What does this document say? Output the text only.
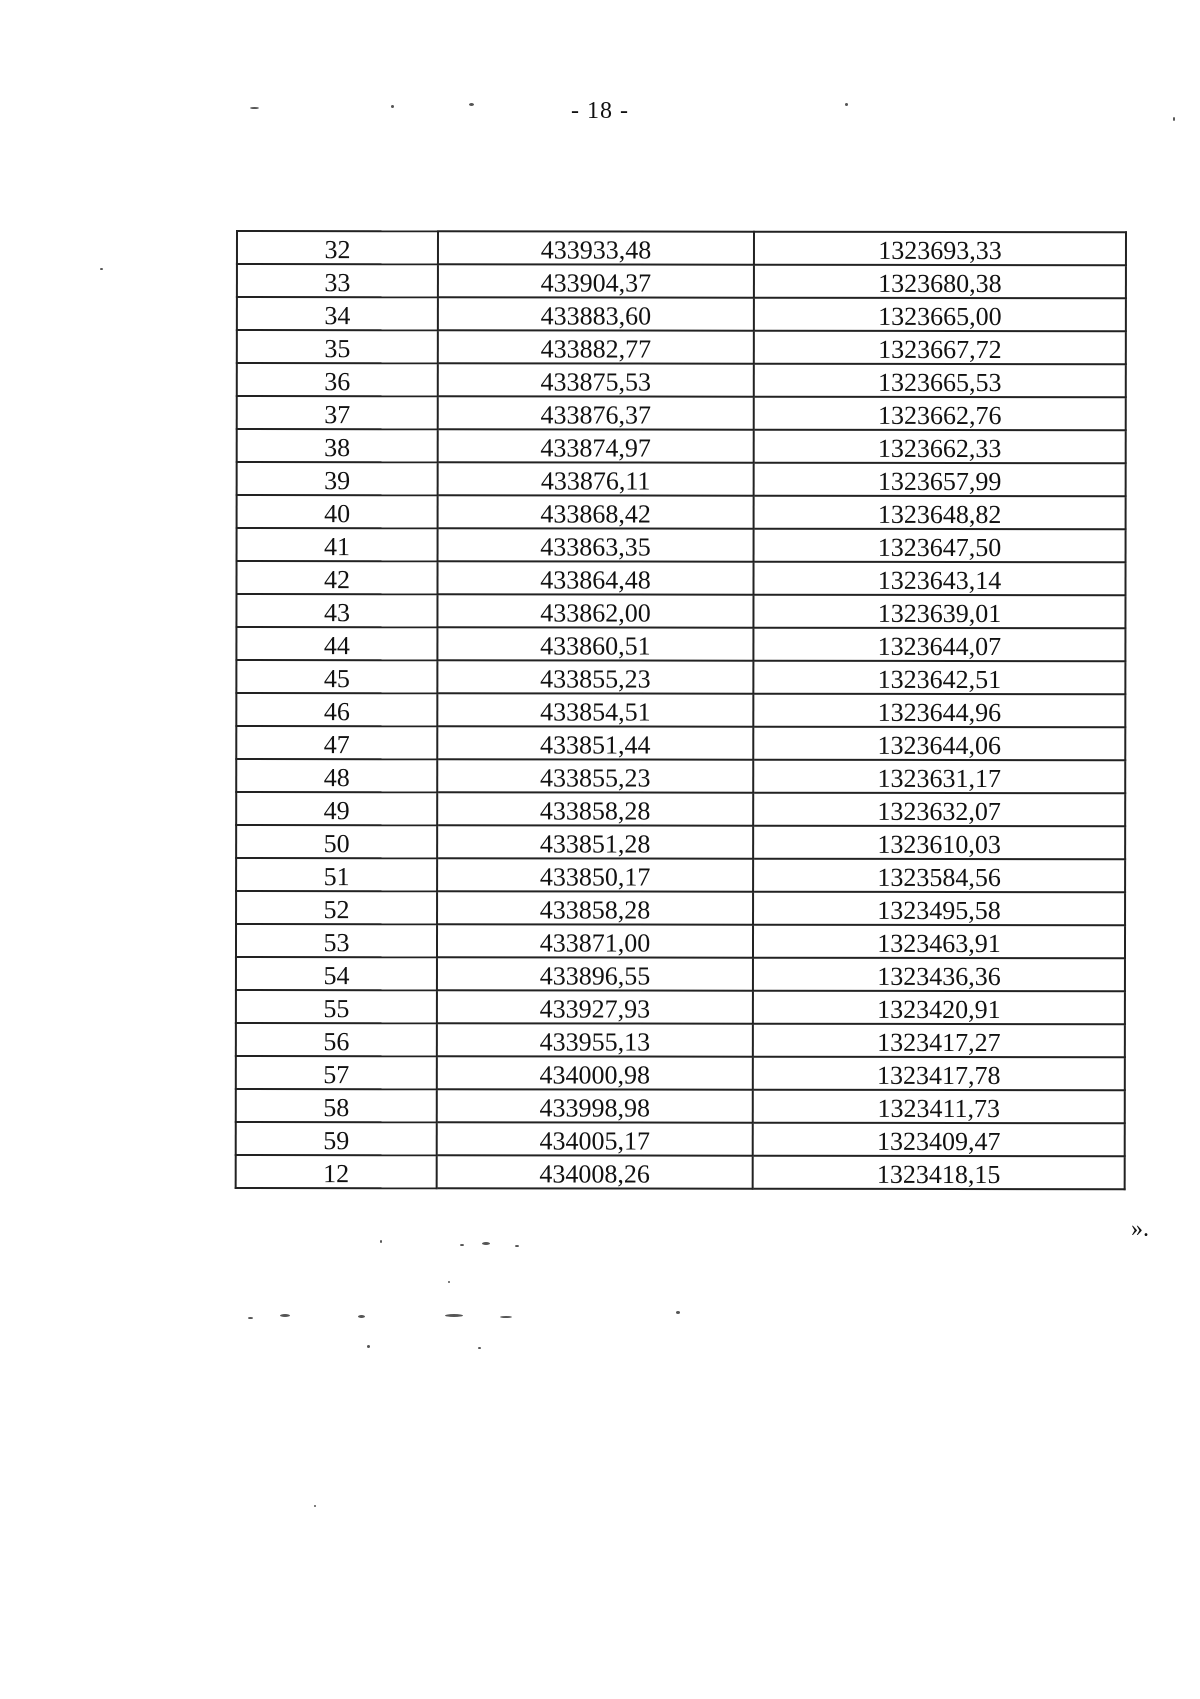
- 18 -
32	433933,48	1323693,33
33	433904,37	1323680,38
34	433883,60	1323665,00
35	433882,77	1323667,72
36	433875,53	1323665,53
37	433876,37	1323662,76
38	433874,97	1323662,33
39	433876,11	1323657,99
40	433868,42	1323648,82
41	433863,35	1323647,50
42	433864,48	1323643,14
43	433862,00	1323639,01
44	433860,51	1323644,07
45	433855,23	1323642,51
46	433854,51	1323644,96
47	433851,44	1323644,06
48	433855,23	1323631,17
49	433858,28	1323632,07
50	433851,28	1323610,03
51	433850,17	1323584,56
52	433858,28	1323495,58
53	433871,00	1323463,91
54	433896,55	1323436,36
55	433927,93	1323420,91
56	433955,13	1323417,27
57	434000,98	1323417,78
58	433998,98	1323411,73
59	434005,17	1323409,47
12	434008,26	1323418,15
».
